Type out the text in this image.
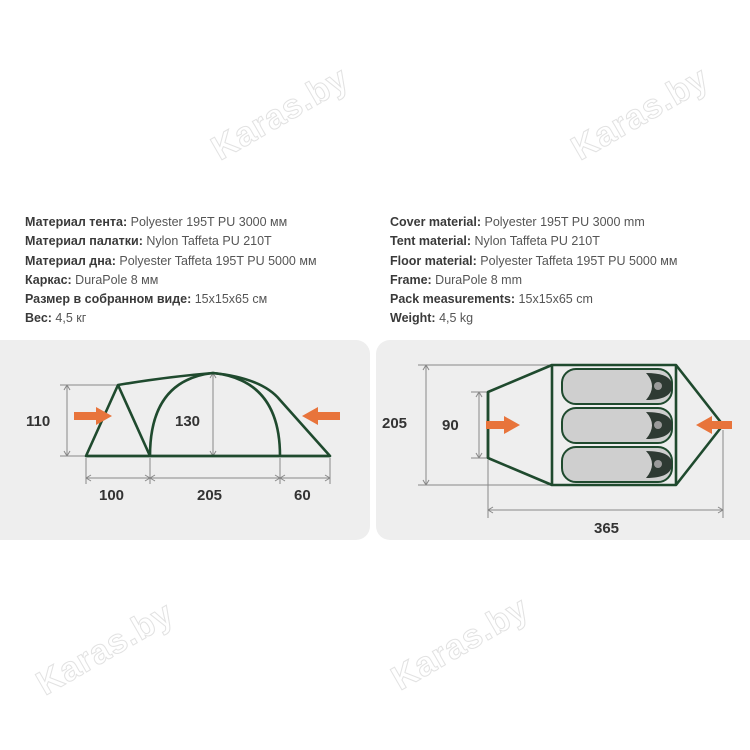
Karas.by	Karas.by
Karas.by	Karas.by
Материал тента: Polyester 195T PU 3000 мм
Материал палатки: Nylon Taffeta PU 210T
Материал дна: Polyester Taffeta 195T PU 5000 мм
Каркас: DuraPole 8 мм
Размер в собранном виде: 15x15x65 см
Вес: 4,5 кг
Cover material: Polyester 195T PU 3000 mm
Tent material: Nylon Taffeta PU 210T
Floor material: Polyester Taffeta 195T PU 5000 мм
Frame: DuraPole 8 mm
Pack measurements: 15x15x65 cm
Weight: 4,5 kg
110	130
100	205	60
205 90
365
